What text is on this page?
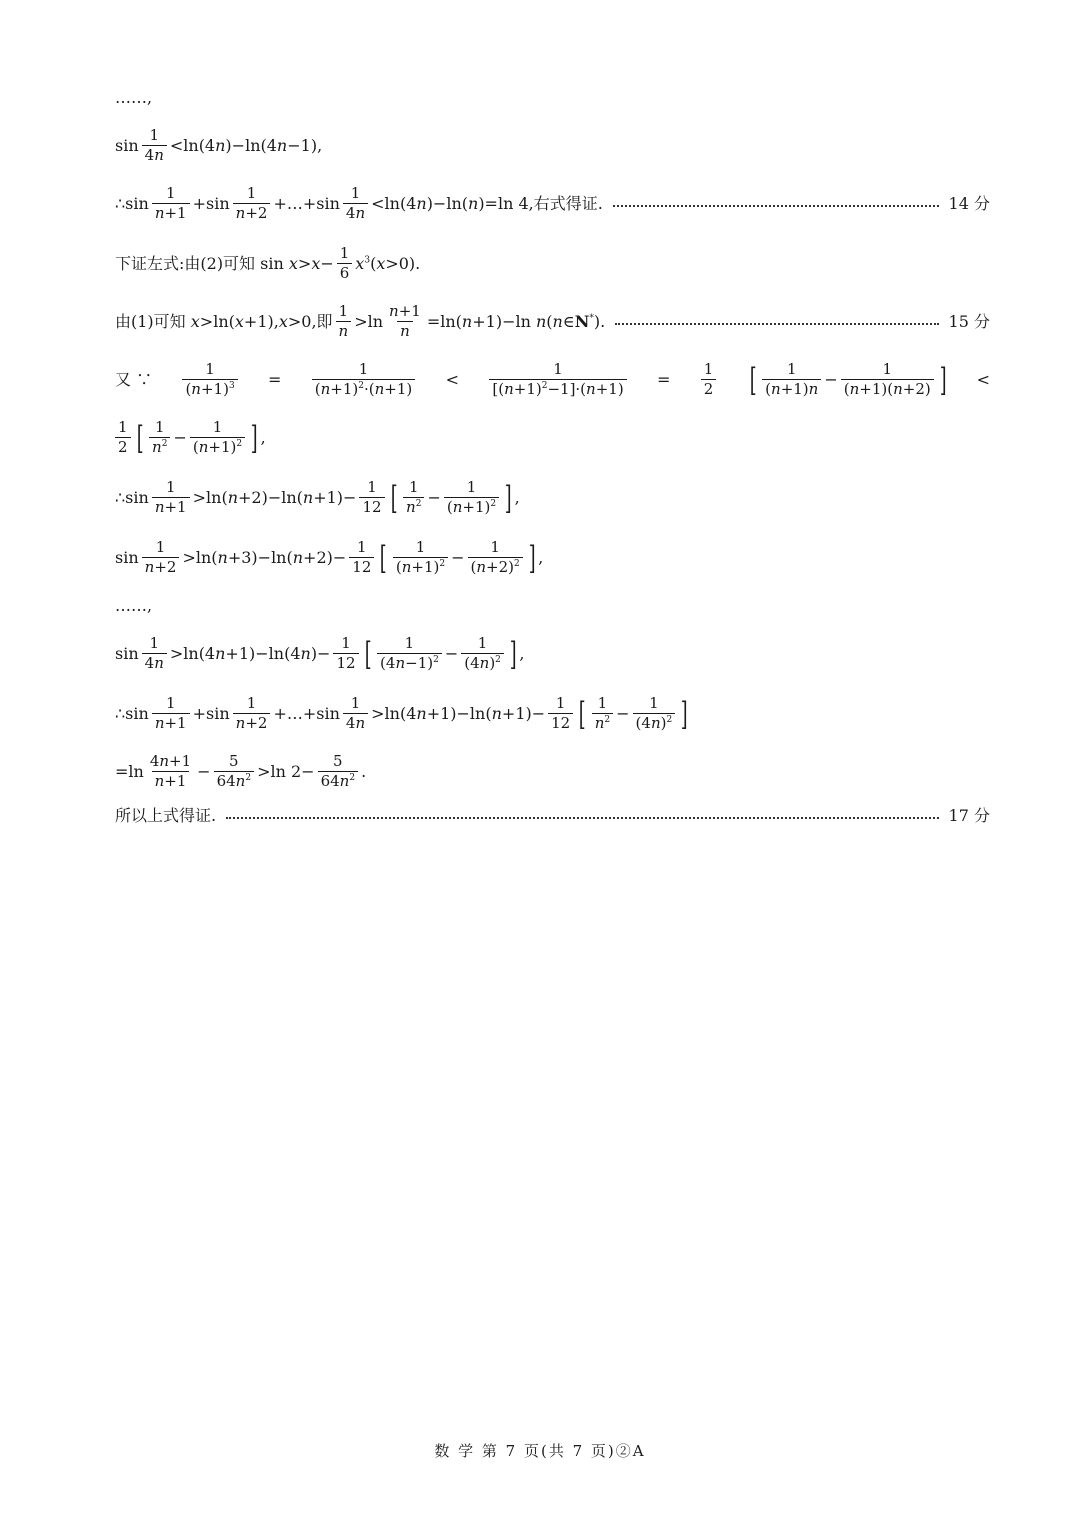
……,
$\sin \frac{1}{4n} <\ln(4n)-\ln(4n-1)$,
∴sin $\frac{1}{n+1} +\sin \frac{1}{n+2}$ +…+sin $\frac{1}{4n} <\ln(4n)-\ln(n)=\ln$ 4,右式得证.	14 分
下证左式:由(2)可知 $\sin x>x- \frac{1}{6} x^3(x>0)$.
由(1)可知 x>ln(x+1),x>0,即 $\frac{1}{n} >\ln \frac{n+1}{n} =\ln(n+1)-\ln$ n(n∈N*).	15 分
又 ∵ $\frac{1}{(n+1)^3} = \frac{1}{(n+1)^2\cdot(n+1)} < \frac{1}{[(n+1)^2-1]\cdot(n+1)} = \frac{1}{2}$ [ $\frac{1}{(n+1)n} - \frac{1}{(n+1)(n+2)}$ ] <
$\frac{1}{2}$ [ $\frac{1}{n^2} - \frac{1}{(n+1)^2}$ ] ,
∴sin $\frac{1}{n+1} >\ln(n+2)-\ln(n+1)- \frac{1}{12}$ [ $\frac{1}{n^2} - \frac{1}{(n+1)^2}$ ] ,
$\sin \frac{1}{n+2} >\ln(n+3)-\ln(n+2)- \frac{1}{12}$ [ $\frac{1}{(n+1)^2} - \frac{1}{(n+2)^2}$ ] ,
……,
$\sin \frac{1}{4n} >\ln(4n+1)-\ln(4n)- \frac{1}{12}$ [ $\frac{1}{(4n-1)^2} - \frac{1}{(4n)^2}$ ] ,
∴sin $\frac{1}{n+1} +\sin \frac{1}{n+2}$ +…+sin $\frac{1}{4n} >\ln(4n+1)-\ln(n+1)- \frac{1}{12}$ [ $\frac{1}{n^2} - \frac{1}{(4n)^2}$ ]
$=\ln \frac{4n+1}{n+1} - \frac{5}{64n^2} >\ln$ $2- \frac{5}{64n^2}$ .
所以上式得证.	17 分
数 学 第 7 页(共 7 页)②A
